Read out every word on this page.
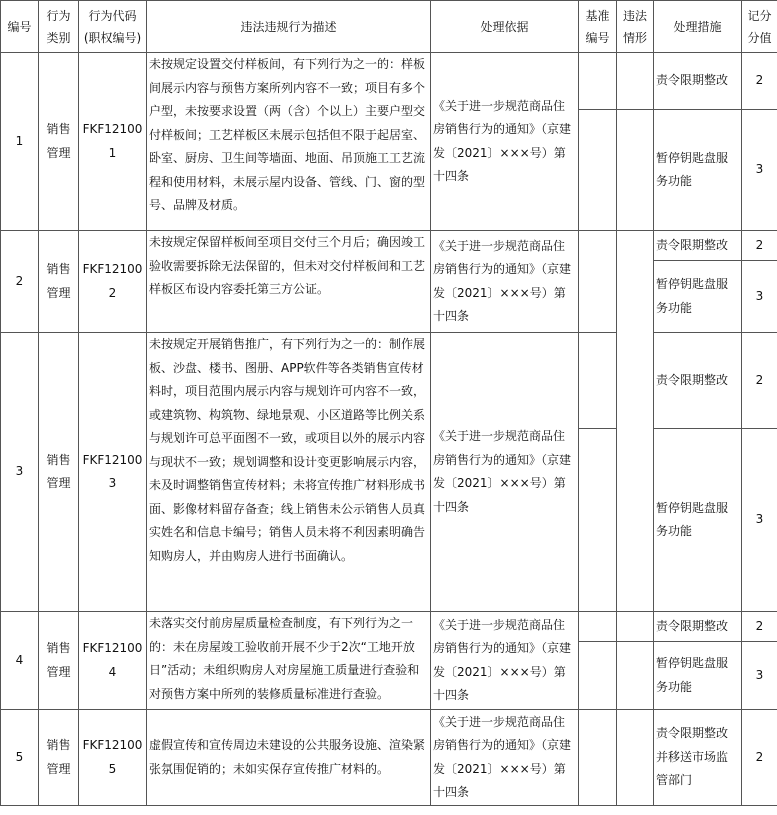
编号	行为类别	行为代码(职权编号)	违法违规行为描述	处理依据	基准编号	违法情形	处理措施	记分分值
1	销售管理	FKF121001	未按规定设置交付样板间，有下列行为之一的：样板间展示内容与预售方案所列内容不一致；项目有多个户型，未按要求设置（两（含）个以上）主要户型交付样板间；工艺样板区未展示包括但不限于起居室、卧室、厨房、卫生间等墙面、地面、吊顶施工工艺流程和使用材料，未展示屋内设备、管线、门、窗的型号、品牌及材质。	《关于进一步规范商品住房销售行为的通知》（京建发〔2021〕×××号）第十四条			责令限期整改	2
							暂停钥匙盘服务功能	3
2	销售管理	FKF121002	未按规定保留样板间至项目交付三个月后；确因竣工验收需要拆除无法保留的，但未对交付样板间和工艺样板区布设内容委托第三方公证。	《关于进一步规范商品住房销售行为的通知》（京建发〔2021〕×××号）第十四条			责令限期整改	2
							暂停钥匙盘服务功能	3
3	销售管理	FKF121003	未按规定开展销售推广，有下列行为之一的：制作展板、沙盘、楼书、图册、APP软件等各类销售宣传材料时，项目范围内展示内容与规划许可内容不一致，或建筑物、构筑物、绿地景观、小区道路等比例关系与规划许可总平面图不一致，或项目以外的展示内容与现状不一致；规划调整和设计变更影响展示内容，未及时调整销售宣传材料；未将宣传推广材料形成书面、影像材料留存备查；线上销售未公示销售人员真实姓名和信息卡编号；销售人员未将不利因素明确告知购房人，并由购房人进行书面确认。	《关于进一步规范商品住房销售行为的通知》（京建发〔2021〕×××号）第十四条			责令限期整改	2
							暂停钥匙盘服务功能	3
4	销售管理	FKF121004	未落实交付前房屋质量检查制度，有下列行为之一的：未在房屋竣工验收前开展不少于2次“工地开放日”活动；未组织购房人对房屋施工质量进行查验和对预售方案中所列的装修质量标准进行查验。	《关于进一步规范商品住房销售行为的通知》（京建发〔2021〕×××号）第十四条			责令限期整改	2
							暂停钥匙盘服务功能	3
5	销售管理	FKF121005	虚假宣传和宣传周边未建设的公共服务设施、渲染紧张氛围促销的；未如实保存宣传推广材料的。	《关于进一步规范商品住房销售行为的通知》（京建发〔2021〕×××号）第十四条			责令限期整改并移送市场监管部门	2
